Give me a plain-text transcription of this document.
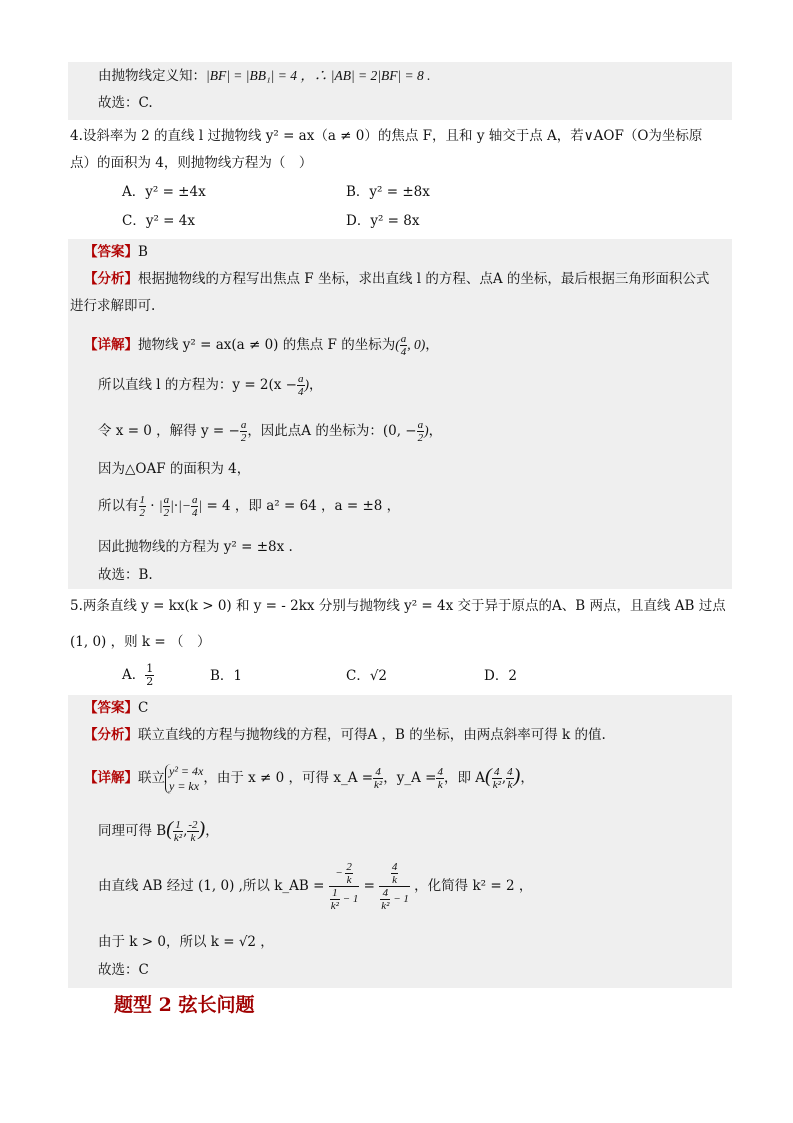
由抛物线定义知：|BF| = |BB₁| = 4 ，∴ |AB| = 2|BF| = 8 .
故选：C.
4.设斜率为 2 的直线 l 过抛物线 y² = ax（a ≠ 0）的焦点 F，且和 y 轴交于点 A，若∨AOF（O为坐标原
点）的面积为 4，则抛物线方程为（　）
A．y² = ±4x	B．y² = ±8x
C．y² = 4x	D．y² = 8x
【答案】B
【分析】根据抛物线的方程写出焦点 F 坐标，求出直线 l 的方程、点A 的坐标，最后根据三角形面积公式
进行求解即可.
【详解】抛物线 y² = ax(a ≠ 0) 的焦点 F 的坐标为( $\frac{a}{4}$ , 0)，
所以直线 l 的方程为：$y = 2(x - \frac{a}{4}$ )，
令 x = 0 ，解得 y = − $\frac{a}{2}$ ，因此点A 的坐标为：(0, − $\frac{a}{2}$ )，
因为△OAF 的面积为 4，
所以有 $\frac{1}{2}$ · | $\frac{a}{2}$ |·|− $\frac{a}{4}$ | = 4 ，即 a² = 64 ，a = ±8 ，
因此抛物线的方程为 y² = ±8x .
故选：B.
5.两条直线 y = kx(k > 0) 和 y = - 2kx 分别与抛物线 y² = 4x 交于异于原点的A、B 两点，且直线 AB 过点
(1, 0) ，则 k = （　）
A． $\frac{1}{2}$	B．1	C．√2	D．2
【答案】C
【分析】联立直线的方程与抛物线的方程，可得A ，B 的坐标，由两点斜率可得 k 的值.
【详解】联立 y² = 4x
y = kx ，由于 x ≠ 0 ，可得 x_A = $\frac{4}{\text{k²}}$ ，y_A = $\frac{4}{k}$ ，即 $A( \frac{4}{\text{k²}}$ , $\frac{4}{k}$ )，
同理可得 $B( \frac{1}{\text{k²}}$ , $\frac{-2}{k}$ )，
由直线 AB 经过 (1, 0) ,所以 k_AB = $\frac{- \frac{2}{k}}{\frac{1}{\text{k²}} - 1} = \frac{\frac{4}{k}}{\frac{4}{\text{k²}} - 1}$ ，化简得 k² = 2 ，
由于 k > 0，所以 k = √2 ，
故选：C
题型 2 弦长问题
